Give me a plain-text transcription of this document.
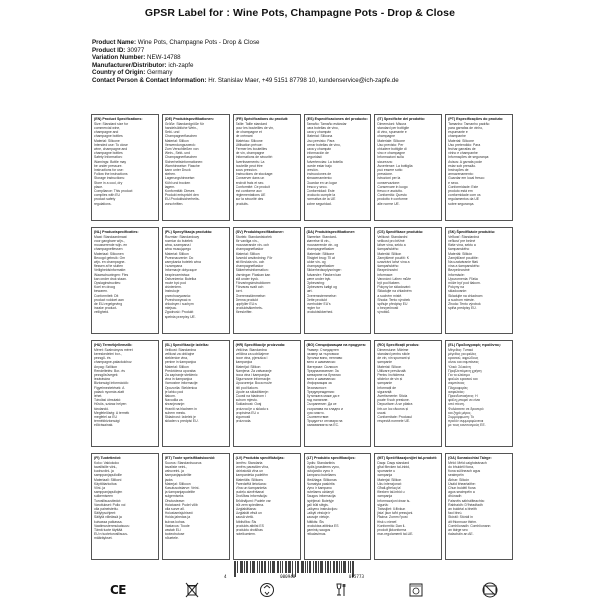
GPSR Label for : Wine Pots, Champagne Pots - Drop & Close
Product Name: Wine Pots, Champagne Pots - Drop & Close
Product ID: 30977
Variation Number: NEW-14788
Manufacturer/Distributor: ich-zapfe
Country of Origin: Germany
Contact Person & Contact Information: Hr. Stanislav Maer, +49 5151 87798 10, kundenservice@ich-zapfe.de
(EN) Product Specifications:
Size: Standard size for
commercial wine,
champagne and
champagne bottles
Material: Silicone
Intended use: To close
wine, champagne and
champagne bottles
Safety Information:
Warnings: Bottle may
be under pressure.
Instructions for use:
Follow the instructions
Storage instructions:
Store in a cool, dry
place.
Compliance: This product
complies with EU
product safety
regulations.
(DE) Produktspezifikationen:
Größe: Standardgröße für
handelsübliche Wein-,
Sekt- und
Champagnerflaschen
Material: Silikon
Verwendungszweck:
Zum Verschließen von
Wein-, Sekt- und
Champagnerflaschen
Sicherheitsinformationen:
Warnhinweise: Flasche
kann unter Druck
stehen.
Lagerungshinweise:
Kühl und trocken
lagern.
Konformität: Dieses
Produkt entspricht den
EU-Produktsicherheits-
vorschriften.
(FR) Spécifications du produit:
Taille: Taille standard
pour les bouteilles de vin,
de champagne et
de crémant
Matériau: Silicone
Utilisation prévue:
Fermer les bouteilles
de vin, champagne
Informations de sécurité:
Avertissements: La
bouteille peut être
sous pression.
Instructions de stockage:
Conserver dans un
endroit frais et sec.
Conformité: Ce produit
est conforme aux
réglementations UE
sur la sécurité des
produits.
(ES) Especificaciones del producto:
Tamaño: Tamaño estándar
para botellas de vino,
cava y champán
Material: Silicona
Uso previsto: Para
cerrar botellas de vino,
cava y champán
Información de
seguridad:
Advertencias: La botella
puede estar bajo
presión.
Instrucciones de
almacenamiento:
Guardar en un lugar
fresco y seco.
Conformidad: Este
producto cumple la
normativa de la UE
sobre seguridad.
(IT) Specifiche del prodotto:
Dimensioni: Misura
standard per bottiglie
di vino, spumante e
champagne
Materiale: Silicone
Uso previsto: Per
chiudere bottiglie di
vino e champagne
Informazioni sulla
sicurezza:
Avvertenze: La bottiglia
può essere sotto
pressione.
Istruzioni per la
conservazione:
Conservare in luogo
fresco e asciutto.
Conformità: Questo
prodotto è conforme
alle norme UE.
(PT) Especificações do produto:
Tamanho: Tamanho padrão
para garrafas de vinho,
espumante e
champanhe
Material: Silicone
Uso pretendido: Para
fechar garrafas de
vinho e champanhe
Informações de segurança:
Avisos: A garrafa pode
estar sob pressão.
Instruções de
armazenamento:
Guardar em local fresco
e seco.
Conformidade: Este
produto está em
conformidade com os
regulamentos da UE
sobre segurança.
(NL) Productspecificaties:
Maat: Standaardmaat
voor gangbare wijn-,
mousserende wijn- en
champagneflessen
Materiaal: Siliconen
Beoogd gebruik: Om
wijn- en champagne-
flessen af te sluiten
Veiligheidsinformatie:
Waarschuwingen: Fles
kan onder druk staan.
Opslaginstructies:
Koel en droog
bewaren.
Conformiteit: Dit
product voldoet aan
de EU-regelgeving
inzake product-
veiligheid.
(PL) Specyfikacja produktu:
Rozmiar: Standardowy
rozmiar do butelek
wina, szampana i
wina musującego
Materiał: Silikon
Przeznaczenie: Do
zamykania butelek wina
i szampana
Informacje dotyczące
bezpieczeństwa:
Ostrzeżenia: Butelka
może być pod
ciśnieniem.
Instrukcje
przechowywania:
Przechowywać w
chłodnym i suchym
miejscu.
Zgodność: Produkt
spełnia przepisy UE.
(SV) Produktspecifikationer:
Storlek: Standardstorlek
för vanliga vin-,
mousserande vin- och
champagneflaskor
Material: Silikon
Avsedd användning: För
att försluta vin- och
champagneflaskor
Säkerhetsinformation:
Varningar: Flaskan kan
stå under tryck.
Förvaringsinstruktioner:
Förvaras svalt och
torrt.
Överensstämmelse:
Denna produkt
uppfyller EU:s
produktsäkerhets-
föreskrifter.
(DA) Produktspecifikationer:
Størrelse: Standard-
størrelse til vin-,
mousserende vin- og
champagneflasker
Materiale: Silikone
Tilsigtet brug: Til at
lukke vin- og
champagneflasker
Sikkerhedsoplysninger:
Advarsler: Flasken kan
være under tryk.
Opbevaring:
Opbevares køligt og
tørt.
Overensstemmelse:
Dette produkt
overholder EU's
regler for
produktsikkerhed.
(CS) Specifikace produktu:
Velikost: Standardní
velikost pro běžné
láhve vína, sektu a
šampaňského
Materiál: Silikon
Zamýšlené použití: K
uzavírání lahví vína a
šampaňského
Bezpečnostní
informace:
Varování: Láhev může
být pod tlakem.
Pokyny ke skladování:
Skladujte na chladném
a suchém místě.
Shoda: Tento výrobek
splňuje předpisy EU
o bezpečnosti
výrobků.
(SK) Špecifikácie produktu:
Veľkosť: Štandardná
veľkosť pre bežné
fľaše vína, sektu a
šampanského
Materiál: Silikón
Zamýšľané použitie:
Na uzatváranie fliaš
vína a šampanského
Bezpečnostné
informácie:
Upozornenia: Fľaša
môže byť pod tlakom.
Pokyny na
skladovanie:
Skladujte na chladnom
a suchom mieste.
Zhoda: Tento výrobok
spĺňa predpisy EÚ.
(HU) Termékjellemzők:
Méret: Szabványos méret
kereskedelmi bor-,
pezsgő- és
champagne-palackokhoz
Anyag: Szilikon
Rendeltetés: Bor- és
pezsgősüvegek
lezárására
Biztonsági információk:
Figyelmeztetések: A
palack nyomás alatt
lehet.
Tárolási útmutató:
Hűvös, száraz helyen
tárolandó.
Megfelelőség: A termék
megfelel az EU
termékbiztonsági
előírásainak.
(SL) Specifikacije izdelka:
Velikost: Standardna
velikost za običajne
steklenice vina,
penine in šampanjca
Material: Silikon
Predvidena uporaba:
Za zapiranje steklenic
vina in šampanjca
Varnostne informacije:
Opozorila: Steklenica
je lahko pod
tlakom.
Navodila za
shranjevanje:
Hraniti na hladnem in
suhem mestu.
Skladnost: Izdelek je
skladen s predpisi EU.
(HR) Specifikacije proizvoda:
Veličina: Standardna
veličina za uobičajene
boce vina, pjenušca i
šampanjca
Materijal: Silikon
Namjena: Za zatvaranje
boca vina i šampanjca
Sigurnosne informacije:
Upozorenja: Boca može
biti pod tlakom.
Upute za skladištenje:
Čuvati na hladnom i
suhom mjestu.
Sukladnost: Ovaj
proizvod je u skladu s
propisima EU o
sigurnosti
proizvoda.
(BG) Спецификации на продукта:
Размер: Стандартен
размер за търговски
бутилки вино, пенливо
вино и шампанско
Материал: Силикон
Предназначение: За
затваряне на бутилки
вино и шампанско
Информация за
безопасност:
Предупреждения:
Бутилката може да е
под налягане.
Съхранение: Да се
съхранява на хладно и
сухо място.
Съответствие:
Продуктът отговаря на
изискванията на ЕС.
(RO) Specificații produs:
Dimensiune: Mărime
standard pentru sticle
de vin, vin spumant și
șampanie
Material: Silicon
Utilizare prevăzută:
Pentru închiderea
sticlelor de vin și
șampanie
Informații de
siguranță:
Avertismente: Sticla
poate fi sub presiune.
Depozitare: A se păstra
într-un loc răcoros și
uscat.
Conformitate: Produsul
respectă normele UE.
(EL) Προδιαγραφές προϊόντος:
Μέγεθος: Τυπικό
μέγεθος για φιάλες
κρασιού, αφρώδους
οίνου και σαμπάνιας
Υλικό: Σιλικόνη
Προβλεπόμενη χρήση:
Για το κλείσιμο
φιαλών κρασιού και
σαμπάνιας
Πληροφορίες
ασφαλείας:
Προειδοποιήσεις: Η
φιάλη μπορεί να είναι
υπό πίεση.
Φυλάσσετε σε δροσερό
και ξηρό μέρος.
Συμμόρφωση: Το
προϊόν συμμορφώνεται
με τους κανονισμούς ΕΕ.
(FI) Tuotetiedot:
Koko: Vakiokoko
tavallisille viini-,
kuohuviini- ja
samppanjapulloille
Materiaali: Silikoni
Käyttötarkoitus:
Viini- ja
samppanjapullojen
sulkemiseen
Turvallisuustiedot:
Varoitukset: Pullo voi
olla paineistettu.
Säilytysohjeet:
Säilytä viileässä ja
kuivassa paikassa.
Vaatimustenmukaisuus:
Tämä tuote täyttää
EU:n tuoteturvallisuus-
määräykset.
(ET) Toote spetsifikatsioonid:
Suurus: Standardsuurus
tavaliste veini-,
vahuveini- ja
šampanjapudelite
jaoks
Materjal: Silikoon
Kasutusotstarve: Veini-
ja šampanjapudelite
sulgemiseks
Ohutusteave:
Hoiatused: Pudel võib
olla surve all.
Hoiustamisjuhised:
Hoida jahedas ja
kuivas kohas.
Vastavus: Toode
vastab ELi
tooteohutuse
nõuetele.
(LV) Produkta specifikācijas:
Izmērs: Standarta
izmērs parastām vīna,
dzirkstošā vīna un
šampanieša pudelēm
Materiāls: Silikons
Paredzētā lietošana:
Vīna un šampanieša
pudeļu aizvēršanai
Drošības informācija:
Brīdinājumi: Pudele var
būt zem spiediena.
Uzglabāšana:
Uzglabāt vēsā un
sausā vietā.
Atbilstība: Šis
produkts atbilst ES
produktu drošības
noteikumiem.
(LT) Produkto specifikacijos:
Dydis: Standartinis
dydis įprastiems vyno,
putojančio vyno ir
šampano buteliams
Medžiaga: Silikonas
Numatyta paskirtis:
Vyno ir šampano
buteliams uždaryti
Saugos informacija:
Įspėjimai: Butelyje
gali būti slėgis.
Laikymo instrukcijos:
Laikyti vėsioje ir
sausoje vietoje.
Atitiktis: Šis
produktas atitinka ES
gaminių saugos
reikalavimus.
(MT) Speċifikazzjonijiet tal-prodott:
Daqs: Daqs standard
għal fliexken tal-inbid,
spumante u
xampanja
Materjal: Silikon
Użu intenzjonat:
Għall-għeluq ta'
fliexken tal-inbid u
xampanja
Informazzjoni dwar is-
sigurtà:
Twissijiet: Il-flixkun
jista' jkun taħt pressjoni.
Ħażna: Żomm f'post
frisk u niexef.
Konformità: Dan il-
prodott jikkonforma
mar-regolamenti tal-UE.
(GA) Sonraíochtaí Táirge:
Méid: Méid caighdeánach
do bhuidéil fíona,
fíona súilíneach agus
seaimpéin
Ábhar: Silicón
Úsáid bheartaithe:
Chun buidéil fíona
agus seaimpéin a
dhúnadh
Faisnéis sábháilteachta:
Rabhaidh: D'fhéadfadh
an buidéal a bheith
faoi bhrú.
Stóráil: Stóráil in
áit fhionnuar thirim.
Comhlíonadh: Comhlíonann
an táirge seo
rialacháin an AE.
4	000948	015773
CE
